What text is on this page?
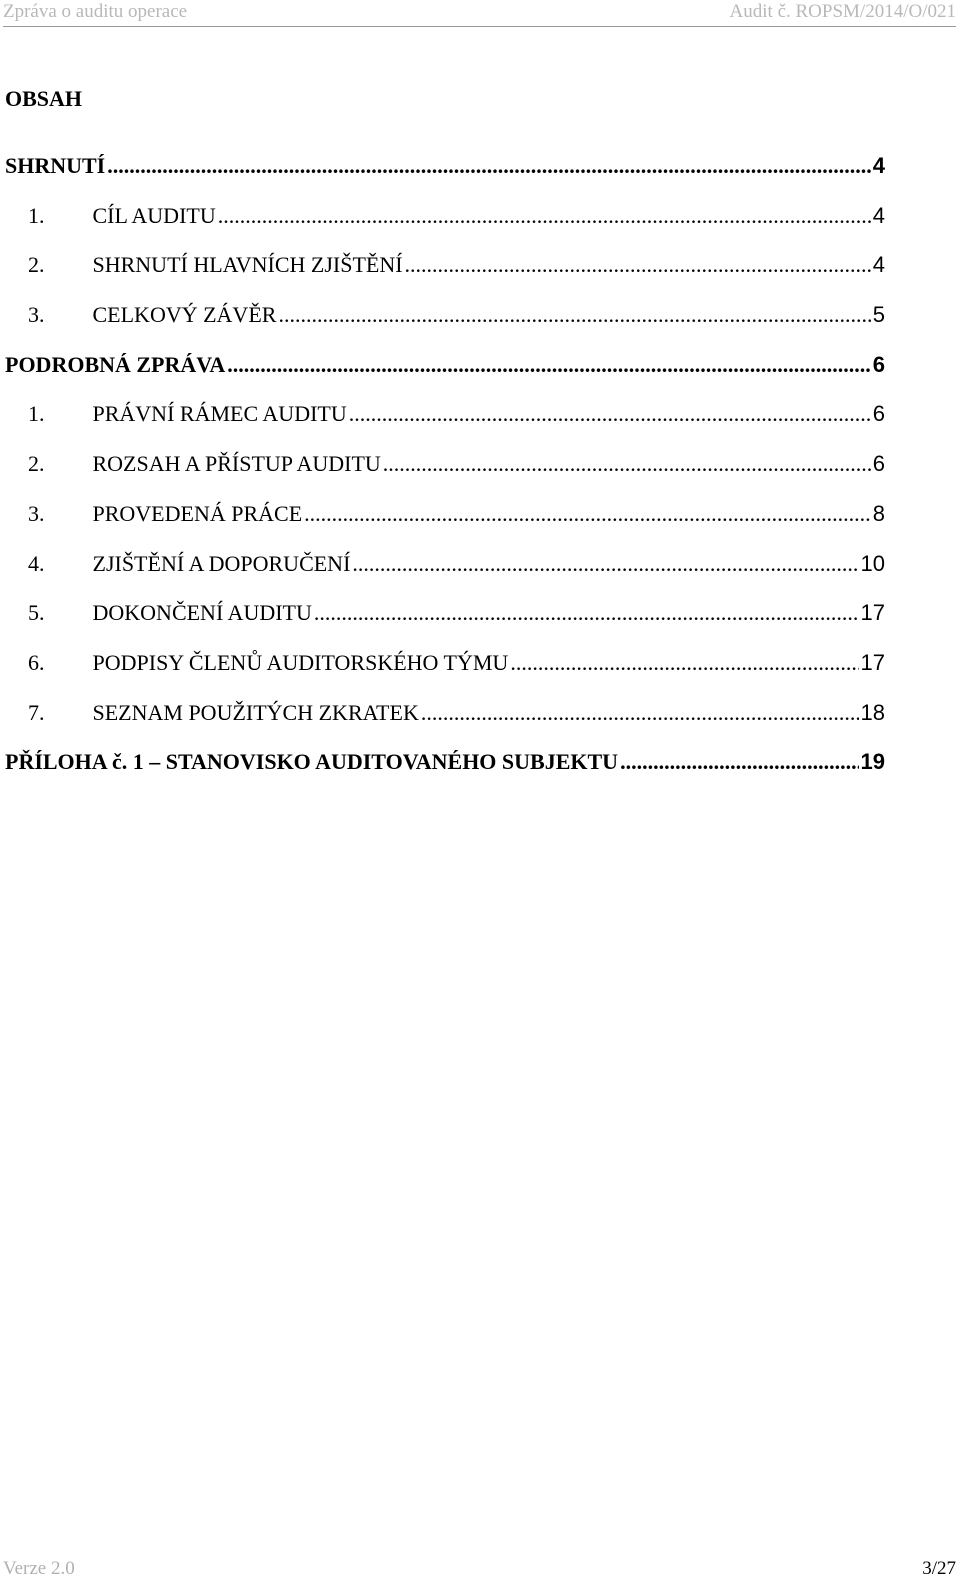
Zpráva o auditu operace	Audit č. ROPSM/2014/O/021
OBSAH
SHRNUTÍ .....	4
1. CÍL AUDITU .....	4
2. SHRNUTÍ HLAVNÍCH ZJIŠTĚNÍ .....	4
3. CELKOVÝ ZÁVĚR .....	5
PODROBNÁ ZPRÁVA .....	6
1. PRÁVNÍ RÁMEC AUDITU .....	6
2. ROZSAH A PŘÍSTUP AUDITU .....	6
3. PROVEDENÁ PRÁCE .....	8
4. ZJIŠTĚNÍ A DOPORUČENÍ .....	10
5. DOKONČENÍ AUDITU .....	17
6. PODPISY ČLENŮ AUDITORSKÉHO TÝMU .....	17
7. SEZNAM POUŽITÝCH ZKRATEK .....	18
PŘÍLOHA č. 1 – STANOVISKO AUDITOVANÉHO SUBJEKTU .....	19
Verze 2.0	3/27
